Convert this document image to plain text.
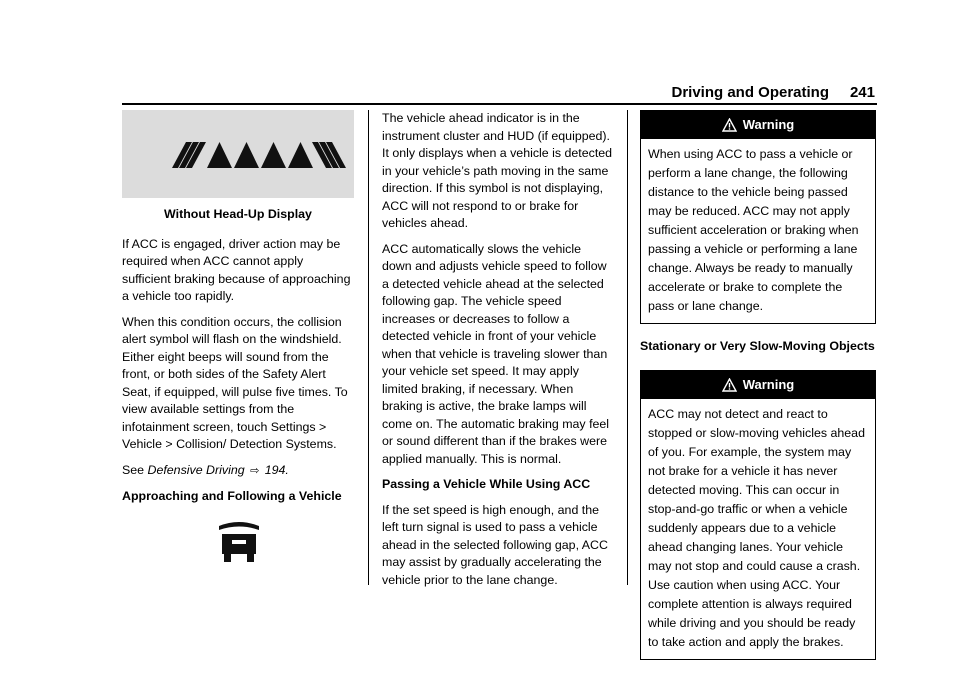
Driving and Operating 241
Without Head-Up Display

If ACC is engaged, driver action may be required when ACC cannot apply sufficient braking because of approaching a vehicle too rapidly.

When this condition occurs, the collision alert symbol will flash on the windshield. Either eight beeps will sound from the front, or both sides of the Safety Alert Seat, if equipped, will pulse five times. To view available settings from the infotainment screen, touch Settings > Vehicle > Collision/ Detection Systems.

See Defensive Driving ⇨ 194.

Approaching and Following a Vehicle

The vehicle ahead indicator is in the instrument cluster and HUD (if equipped). It only displays when a vehicle is detected in your vehicle’s path moving in the same direction. If this symbol is not displaying, ACC will not respond to or brake for vehicles ahead.

ACC automatically slows the vehicle down and adjusts vehicle speed to follow a detected vehicle ahead at the selected following gap. The vehicle speed increases or decreases to follow a detected vehicle in front of your vehicle when that vehicle is traveling slower than your vehicle set speed. It may apply limited braking, if necessary. When braking is active, the brake lamps will come on. The automatic braking may feel or sound different than if the brakes were applied manually. This is normal.

Passing a Vehicle While Using ACC

If the set speed is high enough, and the left turn signal is used to pass a vehicle ahead in the selected following gap, ACC may assist by gradually accelerating the vehicle prior to the lane change.

Warning
When using ACC to pass a vehicle or perform a lane change, the following distance to the vehicle being passed may be reduced. ACC may not apply sufficient acceleration or braking when passing a vehicle or performing a lane change. Always be ready to manually accelerate or brake to complete the pass or lane change.
Stationary or Very Slow-Moving Objects
Warning
ACC may not detect and react to stopped or slow-moving vehicles ahead of you. For example, the system may not brake for a vehicle it has never detected moving. This can occur in stop-and-go traffic or when a vehicle suddenly appears due to a vehicle ahead changing lanes. Your vehicle may not stop and could cause a crash. Use caution when using ACC. Your complete attention is always required while driving and you should be ready to take action and apply the brakes.
